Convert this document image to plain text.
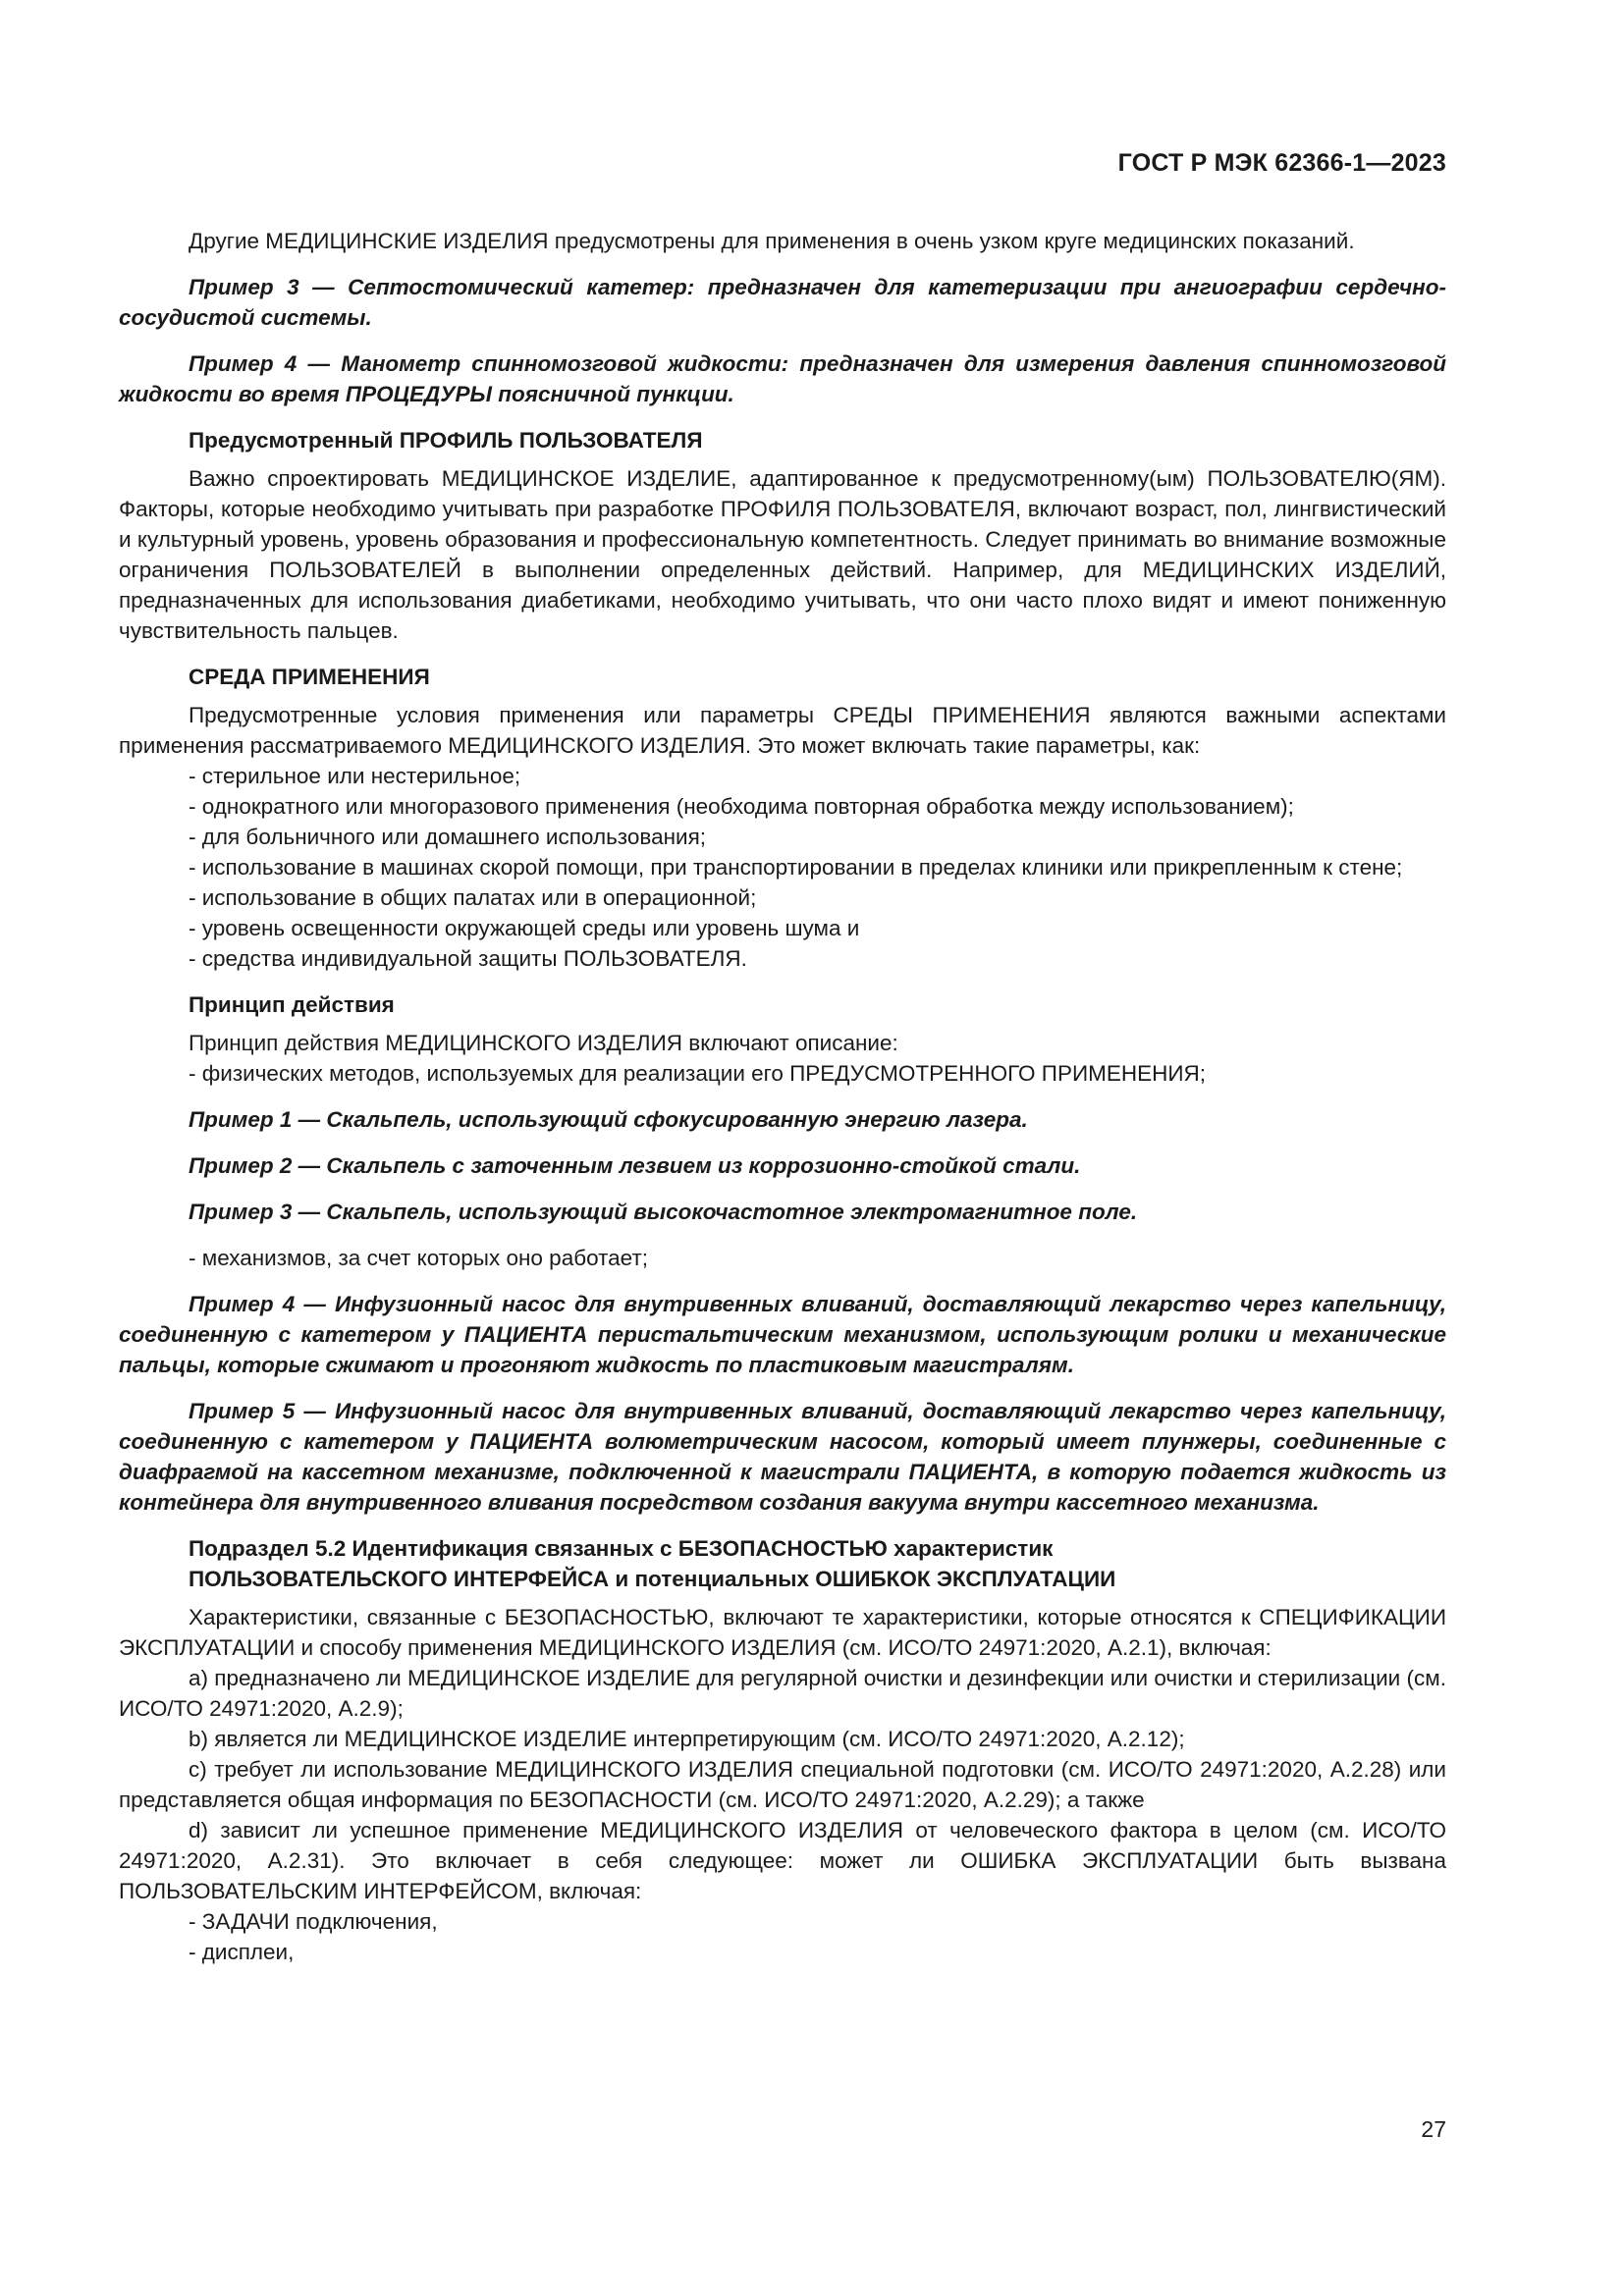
ГОСТ Р МЭК 62366-1—2023

Другие МЕДИЦИНСКИЕ ИЗДЕЛИЯ предусмотрены для применения в очень узком круге медицинских показаний.

Пример 3 — Септостомический катетер: предназначен для катетеризации при ангиографии сердечно-сосудистой системы.

Пример 4 — Манометр спинномозговой жидкости: предназначен для измерения давления спинномозговой жидкости во время ПРОЦЕДУРЫ поясничной пункции.

Предусмотренный ПРОФИЛЬ ПОЛЬЗОВАТЕЛЯ

Важно спроектировать МЕДИЦИНСКОЕ ИЗДЕЛИЕ, адаптированное к предусмотренному(ым) ПОЛЬЗОВАТЕЛЮ(ЯМ). Факторы, которые необходимо учитывать при разработке ПРОФИЛЯ ПОЛЬЗОВАТЕЛЯ, включают возраст, пол, лингвистический и культурный уровень, уровень образования и профессиональную компетентность. Следует принимать во внимание возможные ограничения ПОЛЬЗОВАТЕЛЕЙ в выполнении определенных действий. Например, для МЕДИЦИНСКИХ ИЗДЕЛИЙ, предназначенных для использования диабетиками, необходимо учитывать, что они часто плохо видят и имеют пониженную чувствительность пальцев.

СРЕДА ПРИМЕНЕНИЯ

Предусмотренные условия применения или параметры СРЕДЫ ПРИМЕНЕНИЯ являются важными аспектами применения рассматриваемого МЕДИЦИНСКОГО ИЗДЕЛИЯ. Это может включать такие параметры, как:

- стерильное или нестерильное;

- однократного или многоразового применения (необходима повторная обработка между использованием);

- для больничного или домашнего использования;

- использование в машинах скорой помощи, при транспортировании в пределах клиники или прикрепленным к стене;

- использование в общих палатах или в операционной;

- уровень освещенности окружающей среды или уровень шума и

- средства индивидуальной защиты ПОЛЬЗОВАТЕЛЯ.

Принцип действия

Принцип действия МЕДИЦИНСКОГО ИЗДЕЛИЯ включают описание:

- физических методов, используемых для реализации его ПРЕДУСМОТРЕННОГО ПРИМЕНЕНИЯ;

Пример 1 — Скальпель, использующий сфокусированную энергию лазера.

Пример 2 — Скальпель с заточенным лезвием из коррозионно-стойкой стали.

Пример 3 — Скальпель, использующий высокочастотное электромагнитное поле.

- механизмов, за счет которых оно работает;

Пример 4 — Инфузионный насос для внутривенных вливаний, доставляющий лекарство через капельницу, соединенную с катетером у ПАЦИЕНТА перистальтическим механизмом, использующим ролики и механические пальцы, которые сжимают и прогоняют жидкость по пластиковым магистралям.

Пример 5 — Инфузионный насос для внутривенных вливаний, доставляющий лекарство через капельницу, соединенную с катетером у ПАЦИЕНТА волюметрическим насосом, который имеет плунжеры, соединенные с диафрагмой на кассетном механизме, подключенной к магистрали ПАЦИЕНТА, в которую подается жидкость из контейнера для внутривенного вливания посредством создания вакуума внутри кассетного механизма.

Подраздел 5.2 Идентификация связанных с БЕЗОПАСНОСТЬЮ характеристик
ПОЛЬЗОВАТЕЛЬСКОГО ИНТЕРФЕЙСА и потенциальных ОШИБКОК ЭКСПЛУАТАЦИИ

Характеристики, связанные с БЕЗОПАСНОСТЬЮ, включают те характеристики, которые относятся к СПЕЦИФИКАЦИИ ЭКСПЛУАТАЦИИ и способу применения МЕДИЦИНСКОГО ИЗДЕЛИЯ (см. ИСО/ТО 24971:2020, А.2.1), включая:

a) предназначено ли МЕДИЦИНСКОЕ ИЗДЕЛИЕ для регулярной очистки и дезинфекции или очистки и стерилизации (см. ИСО/ТО 24971:2020, А.2.9);

b) является ли МЕДИЦИНСКОЕ ИЗДЕЛИЕ интерпретирующим (см. ИСО/ТО 24971:2020, А.2.12);

c) требует ли использование МЕДИЦИНСКОГО ИЗДЕЛИЯ специальной подготовки (см. ИСО/ТО 24971:2020, А.2.28) или представляется общая информация по БЕЗОПАСНОСТИ (см. ИСО/ТО 24971:2020, А.2.29); а также

d) зависит ли успешное применение МЕДИЦИНСКОГО ИЗДЕЛИЯ от человеческого фактора в целом (см. ИСО/ТО 24971:2020, А.2.31). Это включает в себя следующее: может ли ОШИБКА ЭКСПЛУАТАЦИИ быть вызвана ПОЛЬЗОВАТЕЛЬСКИМ ИНТЕРФЕЙСОМ, включая:

- ЗАДАЧИ подключения,

- дисплеи,

27
